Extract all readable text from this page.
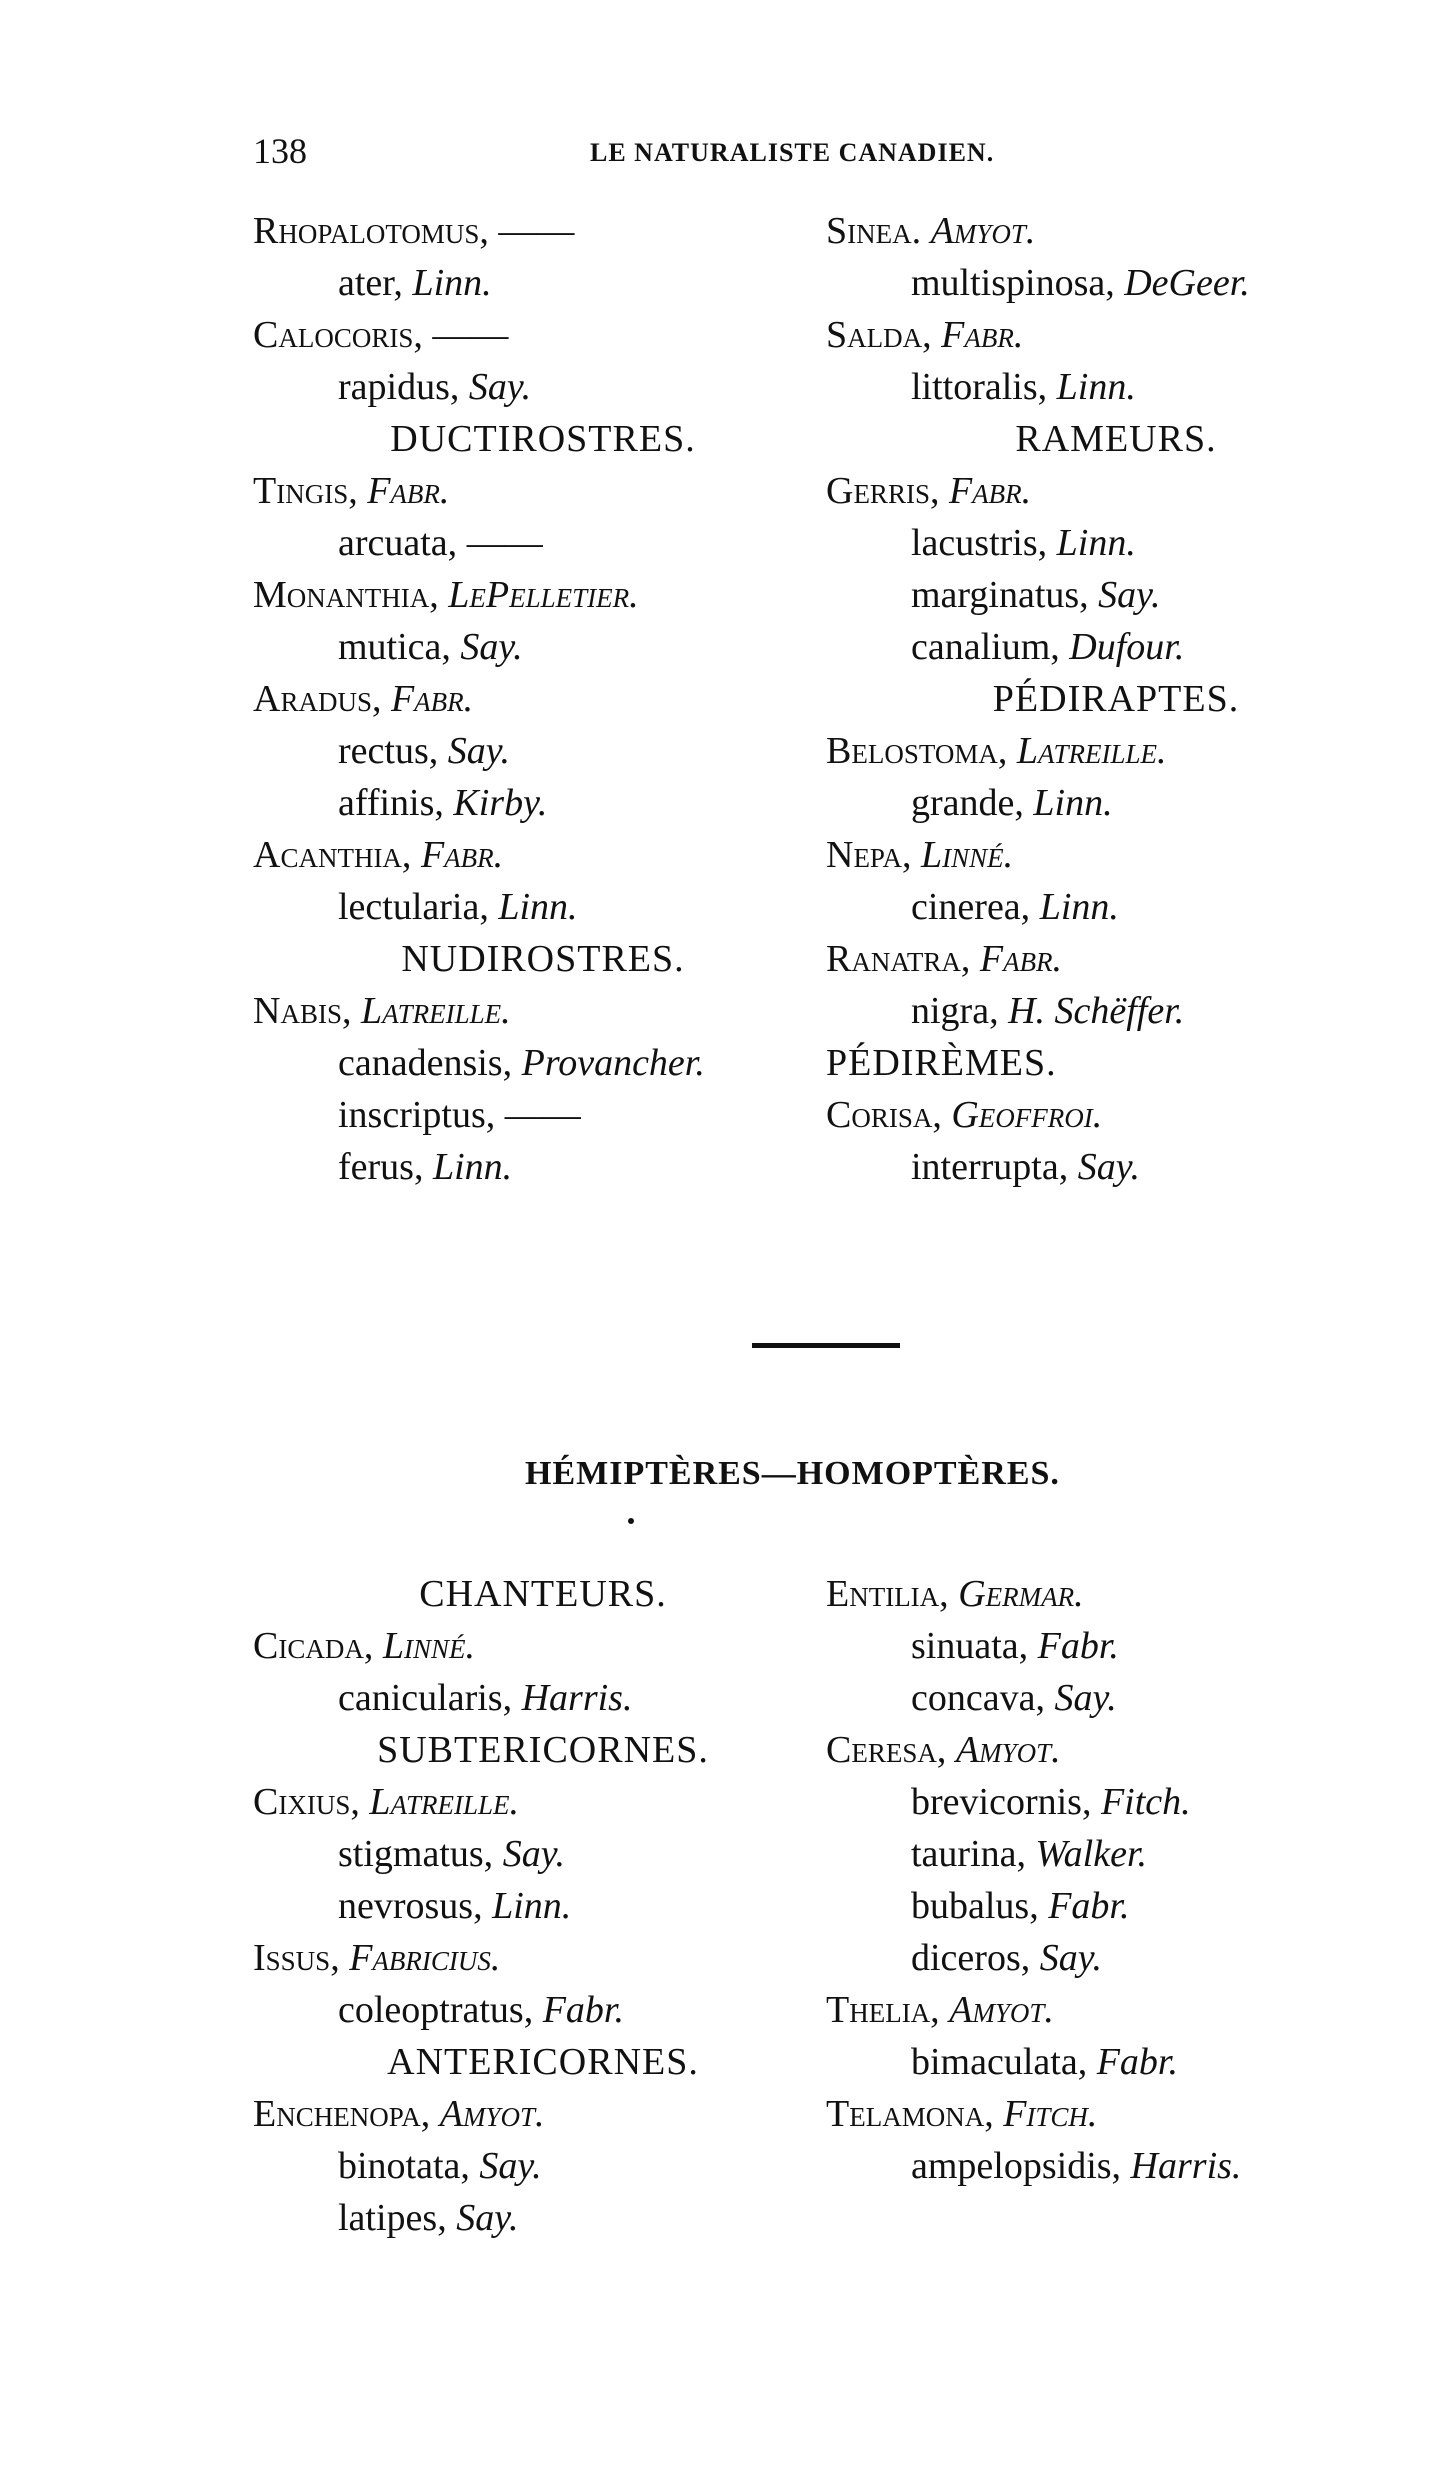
138	LE NATURALISTE CANADIEN.
Rhopalotomus, ——
ater, Linn.
Calocoris, ——
rapidus, Say.
DUCTIROSTRES.
Tingis, Fabr.
arcuata, ——
Monanthia, LePelletier.
mutica, Say.
Aradus, Fabr.
rectus, Say.
affinis, Kirby.
Acanthia, Fabr.
lectularia, Linn.
NUDIROSTRES.
Nabis, Latreille.
canadensis, Provancher.
inscriptus, ——
ferus, Linn.
Sinea. Amyot.
multispinosa, DeGeer.
Salda, Fabr.
littoralis, Linn.
RAMEURS.
Gerris, Fabr.
lacustris, Linn.
marginatus, Say.
canalium, Dufour.
PÉDIRAPTES.
Belostoma, Latreille.
grande, Linn.
Nepa, Linné.
cinerea, Linn.
Ranatra, Fabr.
nigra, H. Schëffer.
PÉDIRÈMES.
Corisa, Geoffroi.
interrupta, Say.
HÉMIPTÈRES—HOMOPTÈRES.
CHANTEURS.
Cicada, Linné.
canicularis, Harris.
SUBTERICORNES.
Cixius, Latreille.
stigmatus, Say.
nevrosus, Linn.
Issus, Fabricius.
coleoptratus, Fabr.
ANTERICORNES.
Enchenopa, Amyot.
binotata, Say.
latipes, Say.
Entilia, Germar.
sinuata, Fabr.
concava, Say.
Ceresa, Amyot.
brevicornis, Fitch.
taurina, Walker.
bubalus, Fabr.
diceros, Say.
Thelia, Amyot.
bimaculata, Fabr.
Telamona, Fitch.
ampelopsidis, Harris.
